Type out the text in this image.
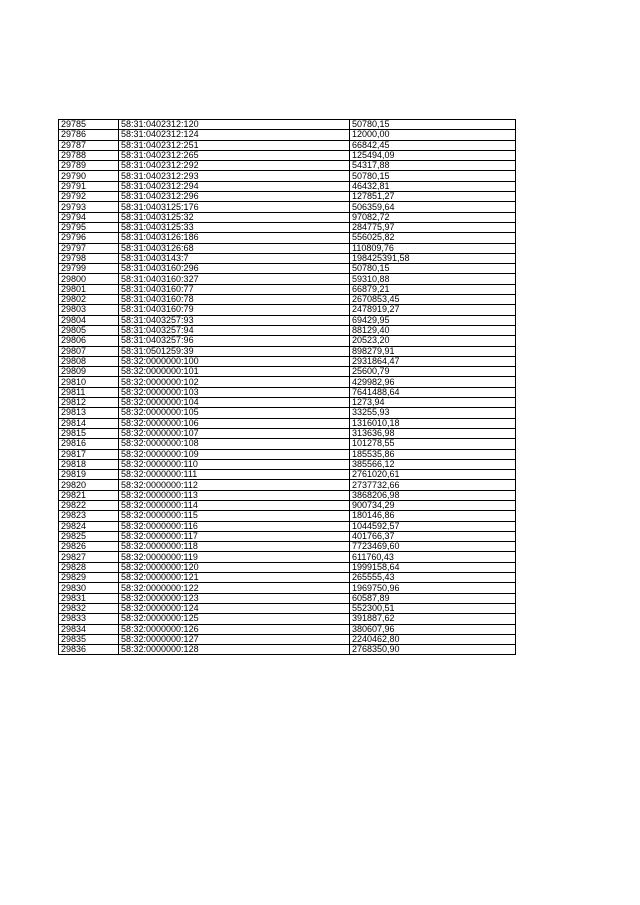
29785	58:31:0402312:120	50780,15
29786	58:31:0402312:124	12000,00
29787	58:31:0402312:251	66842,45
29788	58:31:0402312:265	125494,09
29789	58:31:0402312:292	54317,88
29790	58:31:0402312:293	50780,15
29791	58:31:0402312:294	46432,81
29792	58:31:0402312:296	127851,27
29793	58:31:0403125:176	506359,64
29794	58:31:0403125:32	97082,72
29795	58:31:0403125:33	284775,97
29796	58:31:0403126:186	556025,82
29797	58:31:0403126:68	110809,76
29798	58:31:0403143:7	198425391,58
29799	58:31:0403160:296	50780,15
29800	58:31:0403160:327	59310,88
29801	58:31:0403160:77	66879,21
29802	58:31:0403160:78	2670853,45
29803	58:31:0403160:79	2478919,27
29804	58:31:0403257:93	69429,95
29805	58:31:0403257:94	88129,40
29806	58:31:0403257:96	20523,20
29807	58:31:0501259:39	898279,91
29808	58:32:0000000:100	2931864,47
29809	58:32:0000000:101	25600,79
29810	58:32:0000000:102	429982,96
29811	58:32:0000000:103	7641488,64
29812	58:32:0000000:104	1273,94
29813	58:32:0000000:105	33255,93
29814	58:32:0000000:106	1316010,18
29815	58:32:0000000:107	313636,98
29816	58:32:0000000:108	101278,55
29817	58:32:0000000:109	185535,86
29818	58:32:0000000:110	385566,12
29819	58:32:0000000:111	2761020,61
29820	58:32:0000000:112	2737732,66
29821	58:32:0000000:113	3868206,98
29822	58:32:0000000:114	900734,29
29823	58:32:0000000:115	180146,86
29824	58:32:0000000:116	1044592,57
29825	58:32:0000000:117	401766,37
29826	58:32:0000000:118	7723469,60
29827	58:32:0000000:119	611760,43
29828	58:32:0000000:120	1999158,64
29829	58:32:0000000:121	265555,43
29830	58:32:0000000:122	1969750,96
29831	58:32:0000000:123	60587,89
29832	58:32:0000000:124	552300,51
29833	58:32:0000000:125	391887,62
29834	58:32:0000000:126	380607,96
29835	58:32:0000000:127	2240462,80
29836	58:32:0000000:128	2768350,90
